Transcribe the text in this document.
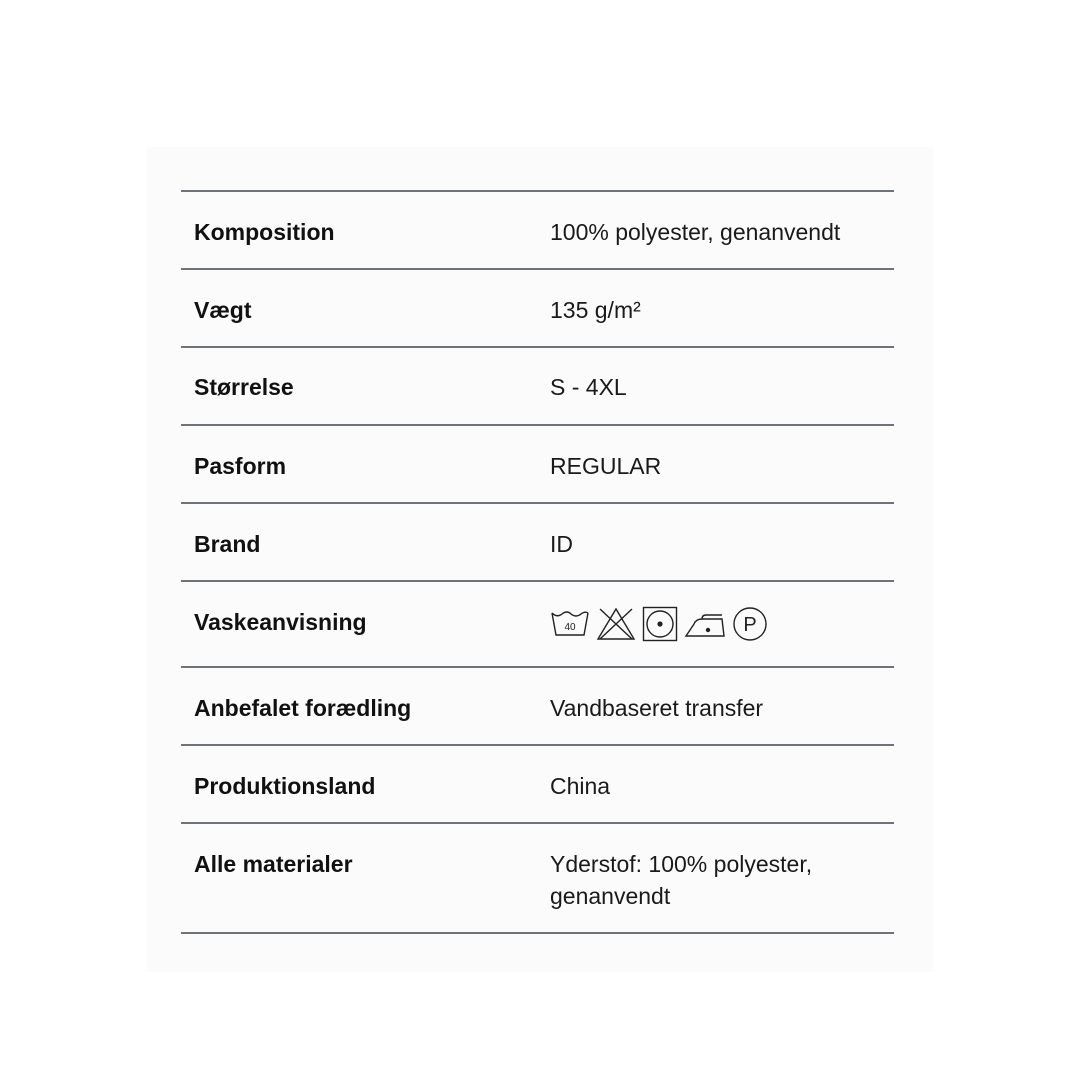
Komposition	100% polyester, genanvendt
Vægt	135 g/m²
Størrelse	S - 4XL
Pasform	REGULAR
Brand	ID
Vaskeanvisning	40	P
Anbefalet forædling	Vandbaseret transfer
Produktionsland	China
Alle materialer	Yderstof: 100% polyester,
genanvendt
